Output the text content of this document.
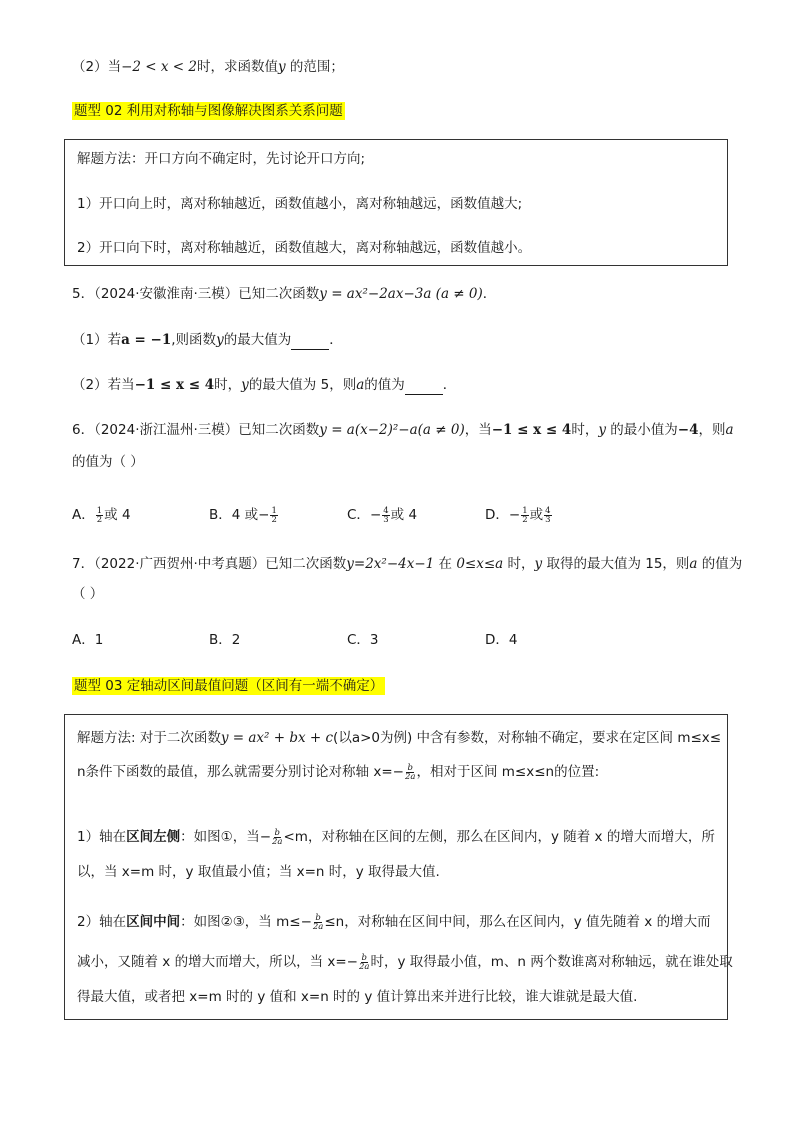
（2）当−2 < x < 2时，求函数值y 的范围；
题型 02 利用对称轴与图像解决图系关系问题
解题方法：开口方向不确定时，先讨论开口方向;
1）开口向上时，离对称轴越近，函数值越小，离对称轴越远，函数值越大;
2）开口向下时，离对称轴越近，函数值越大，离对称轴越远，函数值越小。
5．（2024·安徽淮南·三模）已知二次函数y = ax²−2ax−3a (a ≠ 0)．
（1）若a = −1,则函数y的最大值为	．
（2）若当−1 ≤ x ≤ 4时，y的最大值为 5，则a的值为	．
6．（2024·浙江温州·三模）已知二次函数y = a(x−2)²−a(a ≠ 0)，当−1 ≤ x ≤ 4时，y 的最小值为−4，则a
的值为（ ）
A． $\frac{1}{2}$ 或 4	B．4 或− $\frac{1}{2}$	C．− $\frac{4}{3}$ 或 4	D．− $\frac{1}{2}$ 或 $\frac{4}{3}$
7．（2022·广西贺州·中考真题）已知二次函数y=2x²−4x−1 在 0≤x≤a 时，y 取得的最大值为 15，则a 的值为
（ ）
A．1	B．2	C．3	D．4
题型 03 定轴动区间最值问题（区间有一端不确定）
解题方法: 对于二次函数y = ax² + bx + c(以a>0为例) 中含有参数，对称轴不确定，要求在定区间 m≤x≤
n条件下函数的最值，那么就需要分别讨论对称轴 $x=- \frac{b}{2a}$ ，相对于区间 m≤x≤n的位置:
1）轴在区间左侧：如图①，当− $\frac{b}{2a} <m$，对称轴在区间的左侧，那么在区间内，y 随着 x 的增大而增大，所
以，当 x=m 时，y 取值最小值；当 x=n 时，y 取得最大值.
2）轴在区间中间：如图②③，当 $m\le- \frac{b}{2a} \le n$，对称轴在区间中间，那么在区间内，y 值先随着 x 的增大而
减小，又随着 x 的增大而增大，所以，当 $x=- \frac{b}{2a}$ 时，y 取得最小值，m、n 两个数谁离对称轴远，就在谁处取
得最大值，或者把 x=m 时的 y 值和 x=n 时的 y 值计算出来并进行比较，谁大谁就是最大值.
